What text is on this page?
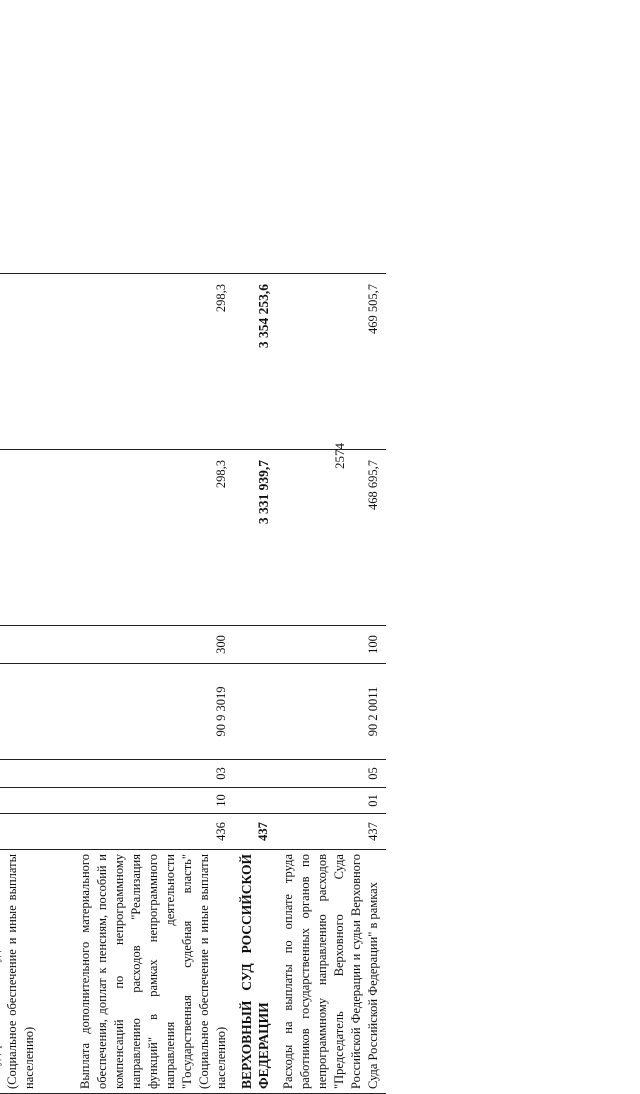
2574

(Социальное обеспечение и иные выплаты населению)							
Выплата дополнительного материального обеспечения, доплат к пенсиям, пособий и компенсаций по непрограммному направлению расходов "Реализация функций" в рамках непрограммного направления деятельности "Государственная судебная власть" (Социальное обеспечение и иные выплаты населению)	436	10	03	90 9 3019	300	298,3	298,3
ВЕРХОВНЫЙ СУД РОССИЙСКОЙ ФЕДЕРАЦИИ	437					3 331 939,7	3 354 253,6
Расходы на выплаты по оплате труда работников государственных органов по непрограммному направлению расходов "Председатель Верховного Суда Российской Федерации и судьи Верховного Суда Российской Федерации" в рамках	437	01	05	90 2 0011	100	468 695,7	469 505,7
